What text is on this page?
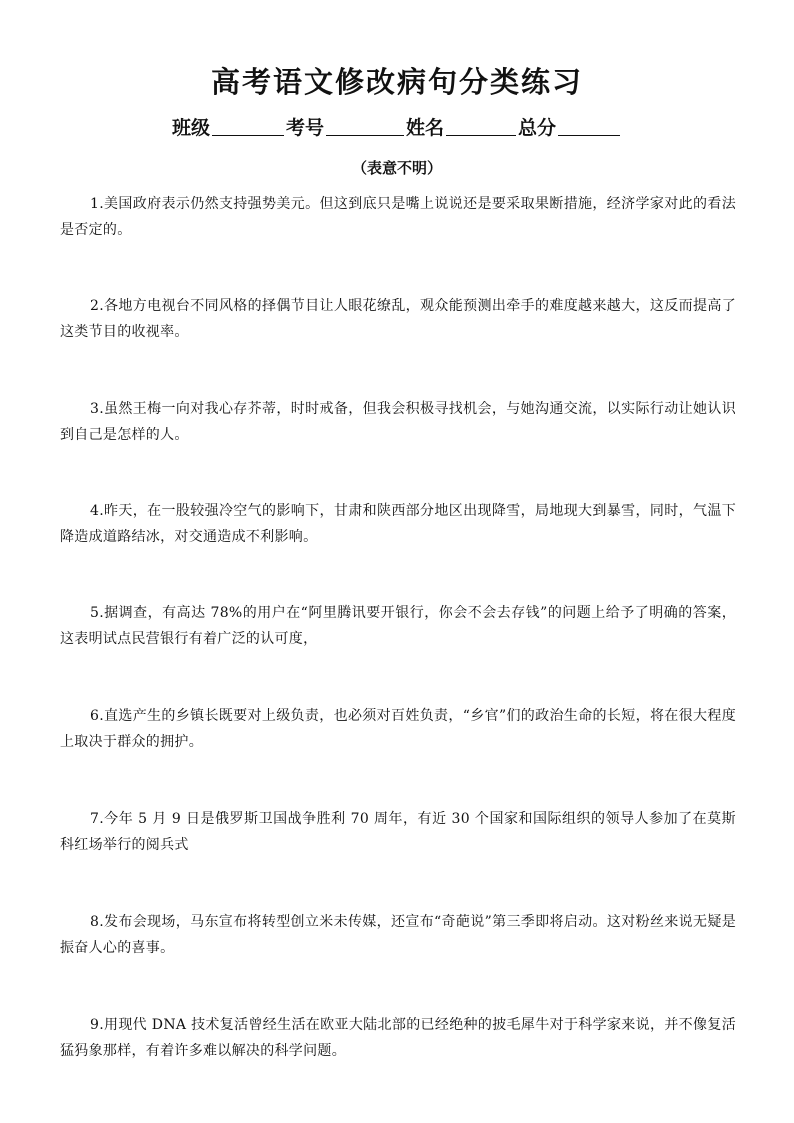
高考语文修改病句分类练习
班级	考号	姓名	总分
（表意不明）
1.美国政府表示仍然支持强势美元。但这到底只是嘴上说说还是要采取果断措施，经济学家对此的看法是否定的。
2.各地方电视台不同风格的择偶节目让人眼花缭乱，观众能预测出牵手的难度越来越大，这反而提高了这类节目的收视率。
3.虽然王梅一向对我心存芥蒂，时时戒备，但我会积极寻找机会，与她沟通交流，以实际行动让她认识到自己是怎样的人。
4.昨天，在一股较强冷空气的影响下，甘肃和陕西部分地区出现降雪，局地现大到暴雪，同时，气温下降造成道路结冰，对交通造成不利影响。
5.据调查，有高达 78%的用户在“阿里腾讯要开银行，你会不会去存钱”的问题上给予了明确的答案，这表明试点民营银行有着广泛的认可度，
6.直选产生的乡镇长既要对上级负责，也必须对百姓负责，“乡官”们的政治生命的长短，将在很大程度上取决于群众的拥护。
7.今年 5 月 9 日是俄罗斯卫国战争胜利 70 周年，有近 30 个国家和国际组织的领导人参加了在莫斯科红场举行的阅兵式
8.发布会现场，马东宣布将转型创立米未传媒，还宣布“奇葩说”第三季即将启动。这对粉丝来说无疑是振奋人心的喜事。
9.用现代 DNA 技术复活曾经生活在欧亚大陆北部的已经绝种的披毛犀牛对于科学家来说，并不像复活猛犸象那样，有着许多难以解决的科学问题。
